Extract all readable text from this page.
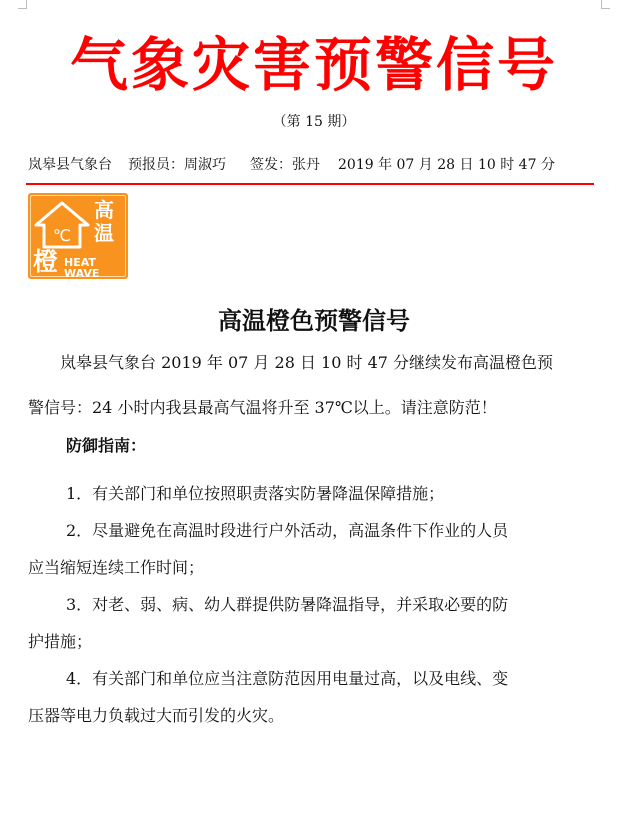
气象灾害预警信号
（第 15 期）
岚皋县气象台 预报员：周淑巧 签发：张丹 2019 年 07 月 28 日 10 时 47 分
℃
高
温
橙 HEAT WAVE
高温橙色预警信号
岚皋县气象台 2019 年 07 月 28 日 10 时 47 分继续发布高温橙色预
警信号：24 小时内我县最高气温将升至 37℃以上。请注意防范！
防御指南：
1．有关部门和单位按照职责落实防暑降温保障措施；
2．尽量避免在高温时段进行户外活动，高温条件下作业的人员
应当缩短连续工作时间；
3．对老、弱、病、幼人群提供防暑降温指导，并采取必要的防
护措施；
4．有关部门和单位应当注意防范因用电量过高，以及电线、变
压器等电力负载过大而引发的火灾。
